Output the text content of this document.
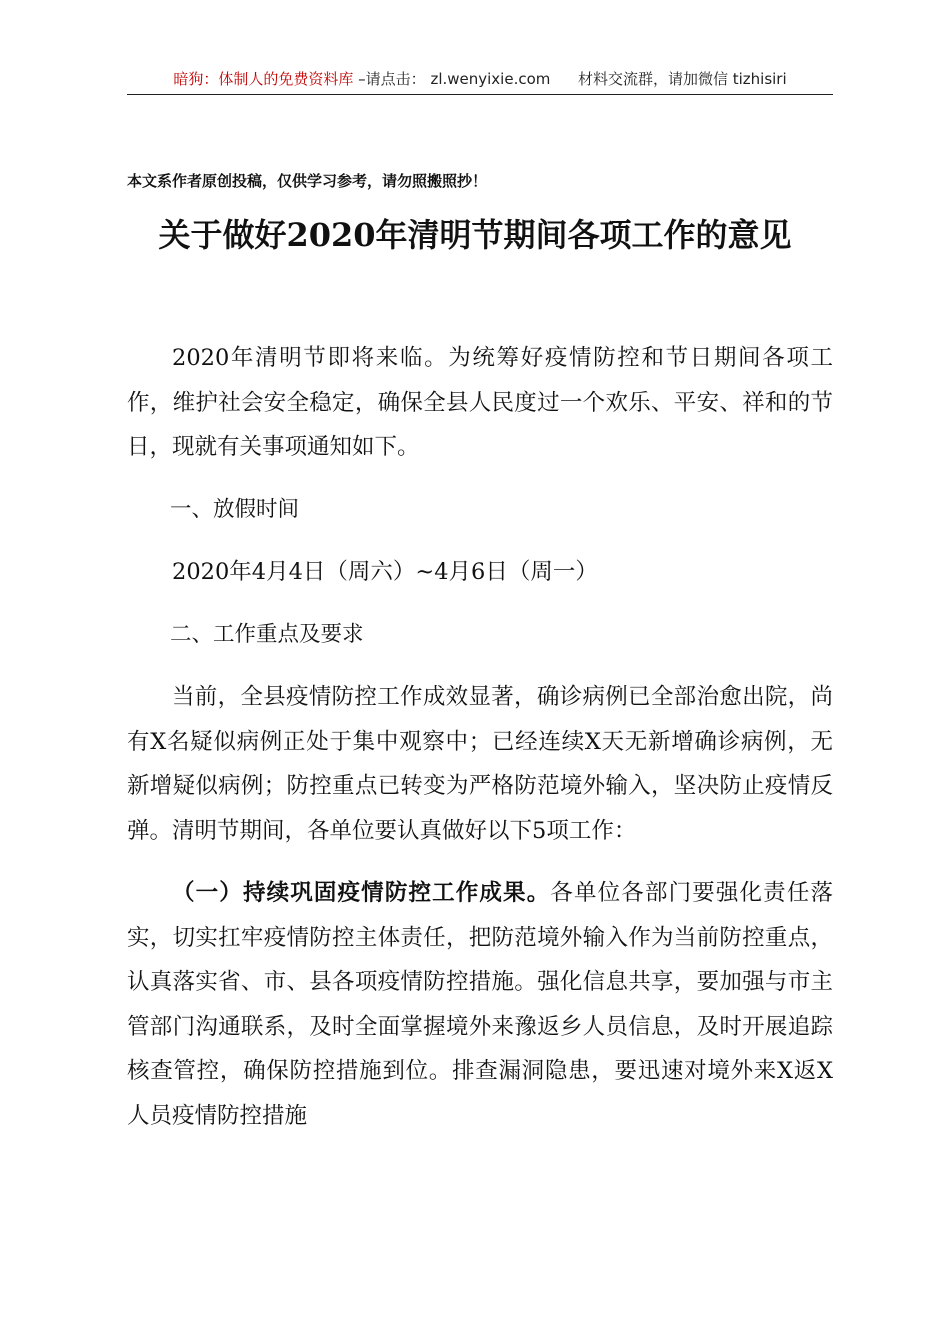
暗狗：体制人的免费资料库 –请点击： zl.wenyixie.com 材料交流群，请加微信 tizhisiri
本文系作者原创投稿，仅供学习参考，请勿照搬照抄！
关于做好2020年清明节期间各项工作的意见

2020年清明节即将来临。为统筹好疫情防控和节日期间各项工作，维护社会安全稳定，确保全县人民度过一个欢乐、平安、祥和的节日，现就有关事项通知如下。

一、放假时间

2020年4月4日（周六）~4月6日（周一）

二、工作重点及要求

当前，全县疫情防控工作成效显著，确诊病例已全部治愈出院，尚有X名疑似病例正处于集中观察中；已经连续X天无新增确诊病例，无新增疑似病例；防控重点已转变为严格防范境外输入，坚决防止疫情反弹。清明节期间，各单位要认真做好以下5项工作：

（一）持续巩固疫情防控工作成果。各单位各部门要强化责任落实，切实扛牢疫情防控主体责任，把防范境外输入作为当前防控重点，认真落实省、市、县各项疫情防控措施。强化信息共享，要加强与市主管部门沟通联系，及时全面掌握境外来豫返乡人员信息，及时开展追踪核查管控，确保防控措施到位。排查漏洞隐患，要迅速对境外来X返X人员疫情防控措施
